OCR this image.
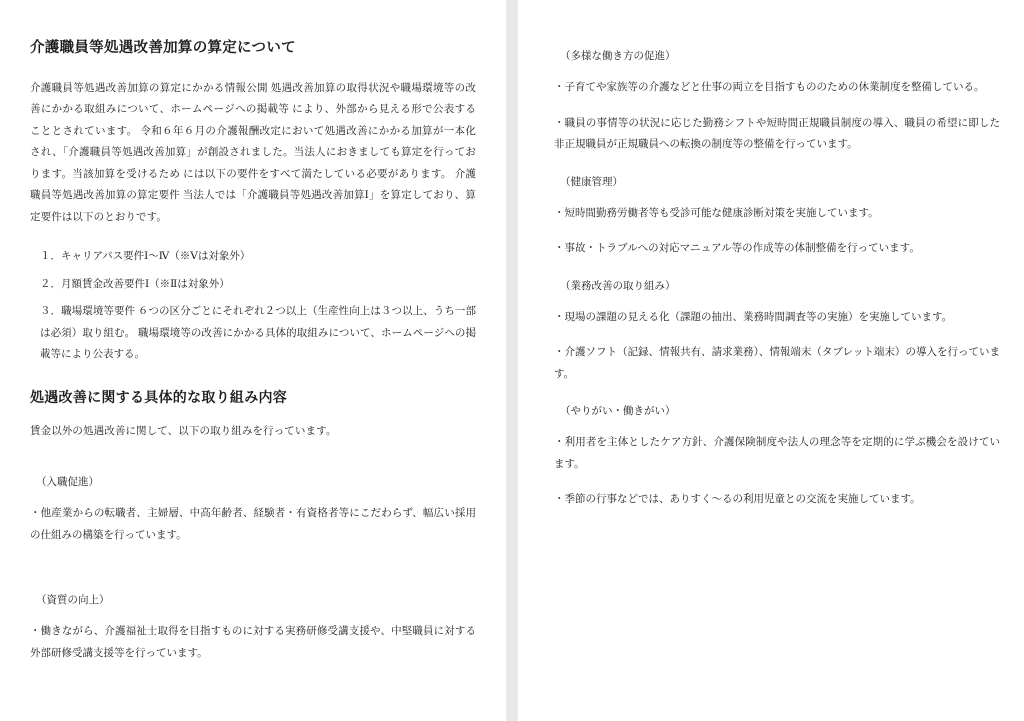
介護職員等処遇改善加算の算定について

介護職員等処遇改善加算の算定にかかる情報公開 処遇改善加算の取得状況や職場環境等の改善にかかる取組みについて、ホームページへの掲載等 により、外部から見える形で公表することとされています。 令和６年６月の介護報酬改定において処遇改善にかかる加算が一本化され、「介護職員等処遇改善加算」が創設されました。当法人におきましても算定を行っております。当該加算を受けるため には以下の要件をすべて満たしている必要があります。 介護職員等処遇改善加算の算定要件 当法人では「介護職員等処遇改善加算Ⅰ」を算定しており、算定要件は以下のとおりです。

１．キャリアパス要件Ⅰ～Ⅳ（※Ⅴは対象外）

２．月額賃金改善要件Ⅰ（※Ⅱは対象外）

３．職場環境等要件 ６つの区分ごとにそれぞれ２つ以上（生産性向上は３つ以上、うち一部は必須）取り組む。 職場環境等の改善にかかる具体的取組みについて、ホームページへの掲載等により公表する。

処遇改善に関する具体的な取り組み内容

賃金以外の処遇改善に関して、以下の取り組みを行っています。

（入職促進）

・他産業からの転職者、主婦層、中高年齢者、経験者・有資格者等にこだわらず、幅広い採用の仕組みの構築を行っています。

（資質の向上）

・働きながら、介護福祉士取得を目指すものに対する実務研修受講支援や、中堅職員に対する外部研修受講支援等を行っています。

（多様な働き方の促進）

・子育てや家族等の介護などと仕事の両立を目指すもののための休業制度を整備している。

・職員の事情等の状況に応じた勤務シフトや短時間正規職員制度の導入、職員の希望に即した非正規職員が正規職員への転換の制度等の整備を行っています。

（健康管理）

・短時間勤務労働者等も受診可能な健康診断対策を実施しています。

・事故・トラブルへの対応マニュアル等の作成等の体制整備を行っています。

（業務改善の取り組み）

・現場の課題の見える化（課題の抽出、業務時間調査等の実施）を実施しています。

・介護ソフト（記録、情報共有、請求業務）、情報端末（タブレット端末）の導入を行っています。

（やりがい・働きがい）

・利用者を主体としたケア方針、介護保険制度や法人の理念等を定期的に学ぶ機会を設けています。

・季節の行事などでは、ありすく～るの利用児童との交流を実施しています。
